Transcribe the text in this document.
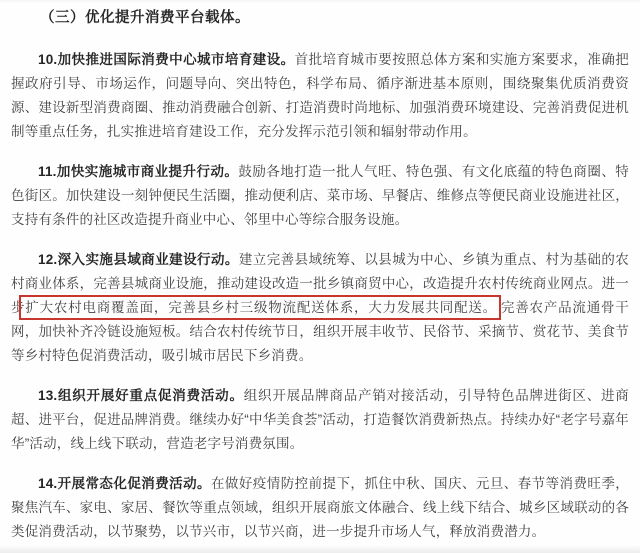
（三）优化提升消费平台载体。

10.加快推进国际消费中心城市培育建设。首批培育城市要按照总体方案和实施方案要求，准确把握政府引导、市场运作，问题导向、突出特色，科学布局、循序渐进基本原则，围绕聚集优质消费资源、建设新型消费商圈、推动消费融合创新、打造消费时尚地标、加强消费环境建设、完善消费促进机制等重点任务，扎实推进培育建设工作，充分发挥示范引领和辐射带动作用。

11.加快实施城市商业提升行动。鼓励各地打造一批人气旺、特色强、有文化底蕴的特色商圈、特色街区。加快建设一刻钟便民生活圈，推动便利店、菜市场、早餐店、维修点等便民商业设施进社区，支持有条件的社区改造提升商业中心、邻里中心等综合服务设施。

12.深入实施县域商业建设行动。建立完善县域统筹、以县城为中心、乡镇为重点、村为基础的农村商业体系，完善县城商业设施，推动建设改造一批乡镇商贸中心，改造提升农村传统商业网点。进一步扩大农村电商覆盖面，完善县乡村三级物流配送体系，大力发展共同配送。 完善农产品流通骨干网，加快补齐冷链设施短板。结合农村传统节日，组织开展丰收节、民俗节、采摘节、赏花节、美食节等乡村特色促消费活动，吸引城市居民下乡消费。

13.组织开展好重点促消费活动。组织开展品牌商品产销对接活动，引导特色品牌进街区、进商超、进平台，促进品牌消费。继续办好“中华美食荟”活动，打造餐饮消费新热点。持续办好“老字号嘉年华”活动，线上线下联动，营造老字号消费氛围。

14.开展常态化促消费活动。在做好疫情防控前提下，抓住中秋、国庆、元旦、春节等消费旺季，聚焦汽车、家电、家居、餐饮等重点领域，组织开展商旅文体融合、线上线下结合、城乡区域联动的各类促消费活动，以节聚势，以节兴市，以节兴商，进一步提升市场人气，释放消费潜力。
